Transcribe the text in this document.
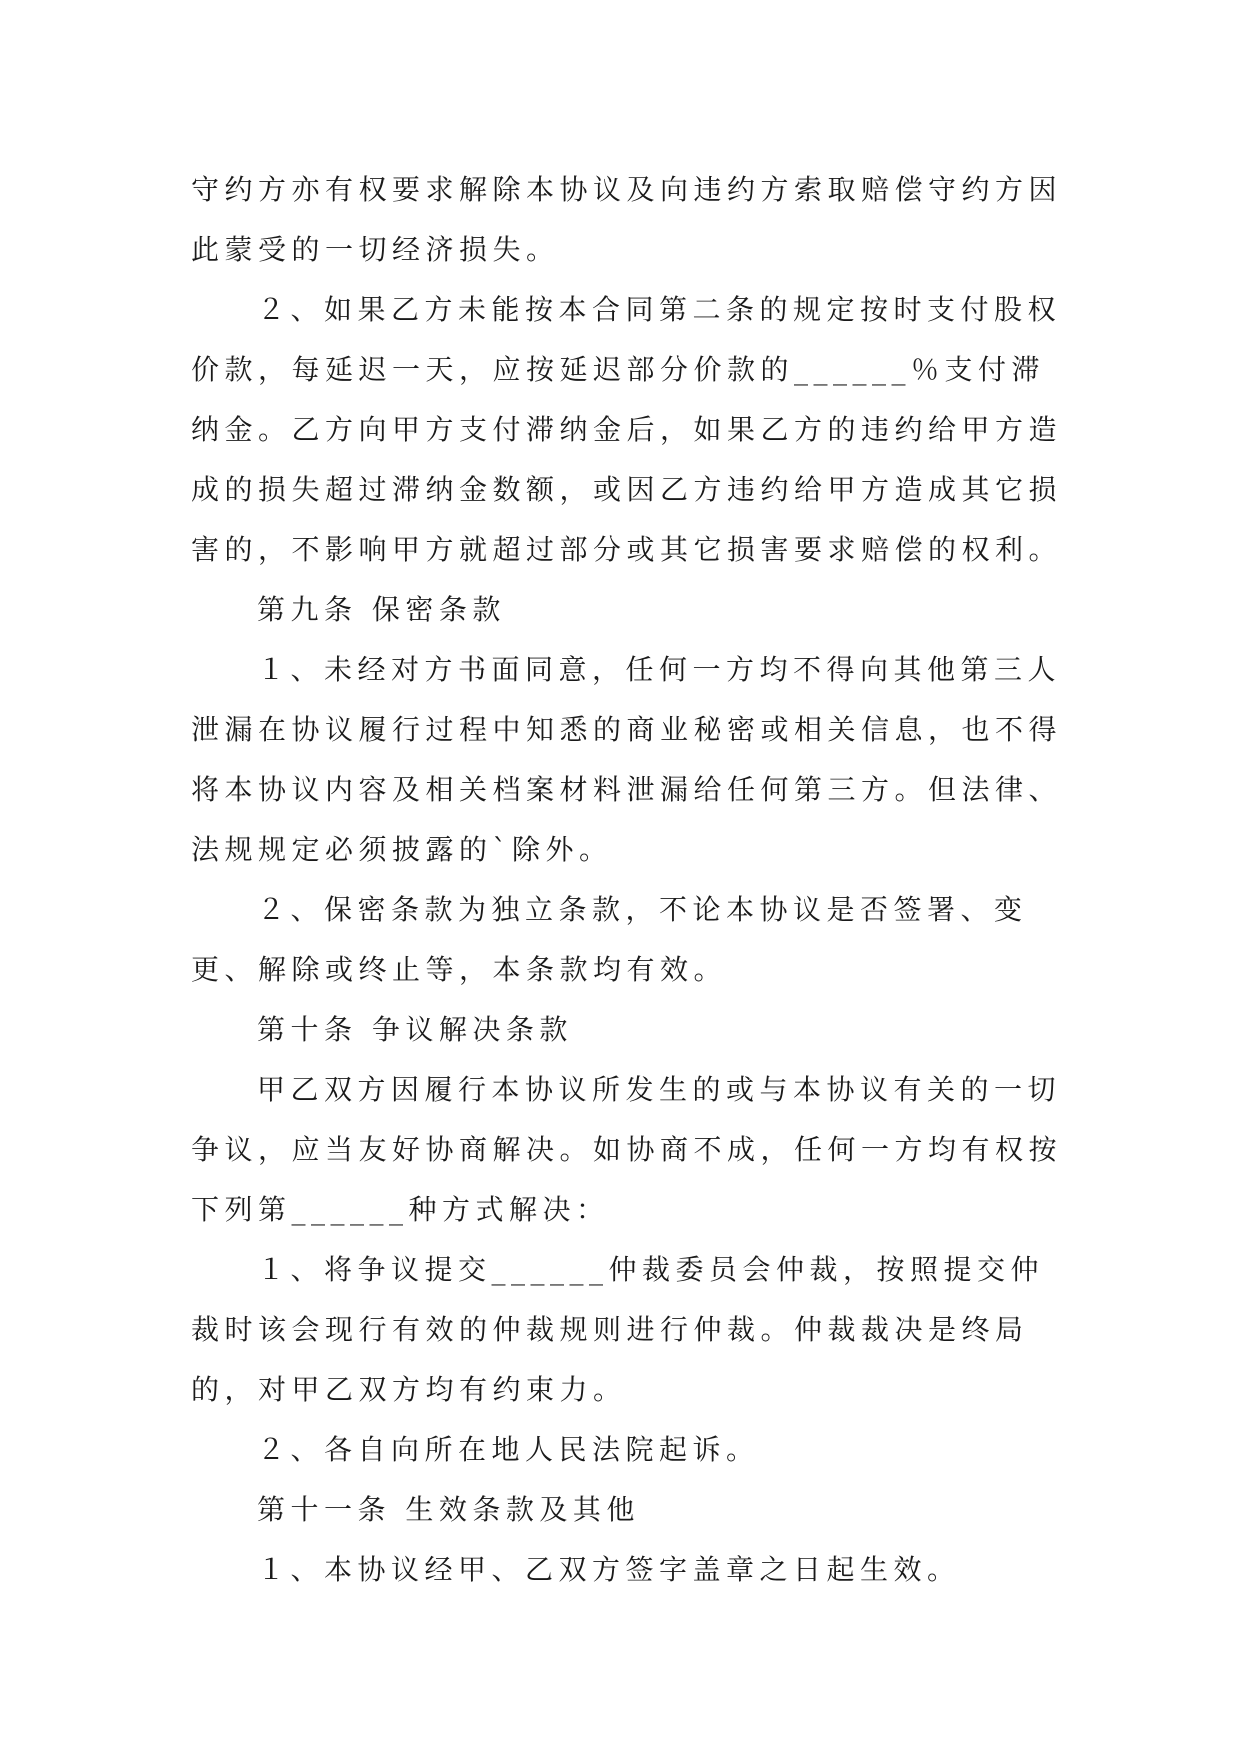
守约方亦有权要求解除本协议及向违约方索取赔偿守约方因此蒙受的一切经济损失。

２、如果乙方未能按本合同第二条的规定按时支付股权价款，每延迟一天，应按延迟部分价款的______％支付滞纳金。乙方向甲方支付滞纳金后，如果乙方的违约给甲方造成的损失超过滞纳金数额，或因乙方违约给甲方造成其它损害的，不影响甲方就超过部分或其它损害要求赔偿的权利。

第九条 保密条款

１、未经对方书面同意，任何一方均不得向其他第三人泄漏在协议履行过程中知悉的商业秘密或相关信息，也不得将本协议内容及相关档案材料泄漏给任何第三方。但法律、法规规定必须披露的`除外。

２、保密条款为独立条款，不论本协议是否签署、变更、解除或终止等，本条款均有效。

第十条 争议解决条款

甲乙双方因履行本协议所发生的或与本协议有关的一切争议，应当友好协商解决。如协商不成，任何一方均有权按下列第______种方式解决：

１、将争议提交______仲裁委员会仲裁，按照提交仲裁时该会现行有效的仲裁规则进行仲裁。仲裁裁决是终局的，对甲乙双方均有约束力。

２、各自向所在地人民法院起诉。

第十一条 生效条款及其他

１、本协议经甲、乙双方签字盖章之日起生效。
